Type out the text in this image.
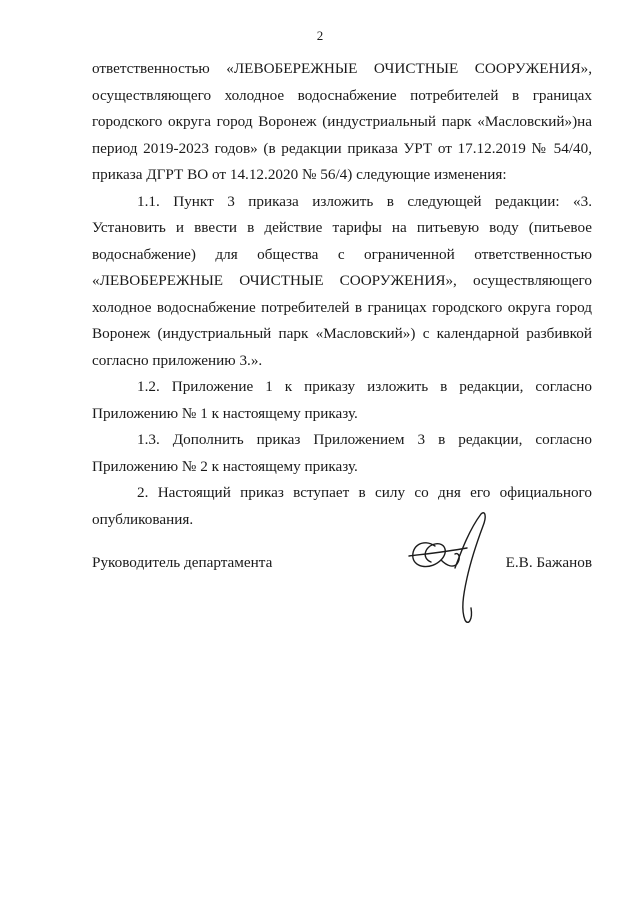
2

ответственностью «ЛЕВОБЕРЕЖНЫЕ ОЧИСТНЫЕ СООРУЖЕНИЯ», осуществляющего холодное водоснабжение потребителей в границах городского округа город Воронеж (индустриальный парк «Масловский»)на период 2019-2023 годов» (в редакции приказа УРТ от 17.12.2019 № 54/40, приказа ДГРТ ВО от 14.12.2020 № 56/4) следующие изменения:

1.1. Пункт 3 приказа изложить в следующей редакции: «3. Установить и ввести в действие тарифы на питьевую воду (питьевое водоснабжение) для общества с ограниченной ответственностью «ЛЕВОБЕРЕЖНЫЕ ОЧИСТНЫЕ СООРУЖЕНИЯ», осуществляющего холодное водоснабжение потребителей в границах городского округа город Воронеж (индустриальный парк «Масловский») с календарной разбивкой согласно приложению 3.».

1.2. Приложение 1 к приказу изложить в редакции, согласно Приложению № 1 к настоящему приказу.

1.3. Дополнить приказ Приложением 3 в редакции, согласно Приложению № 2 к настоящему приказу.

2. Настоящий приказ вступает в силу со дня его официального опубликования.

Руководитель департамента	Е.В. Бажанов
